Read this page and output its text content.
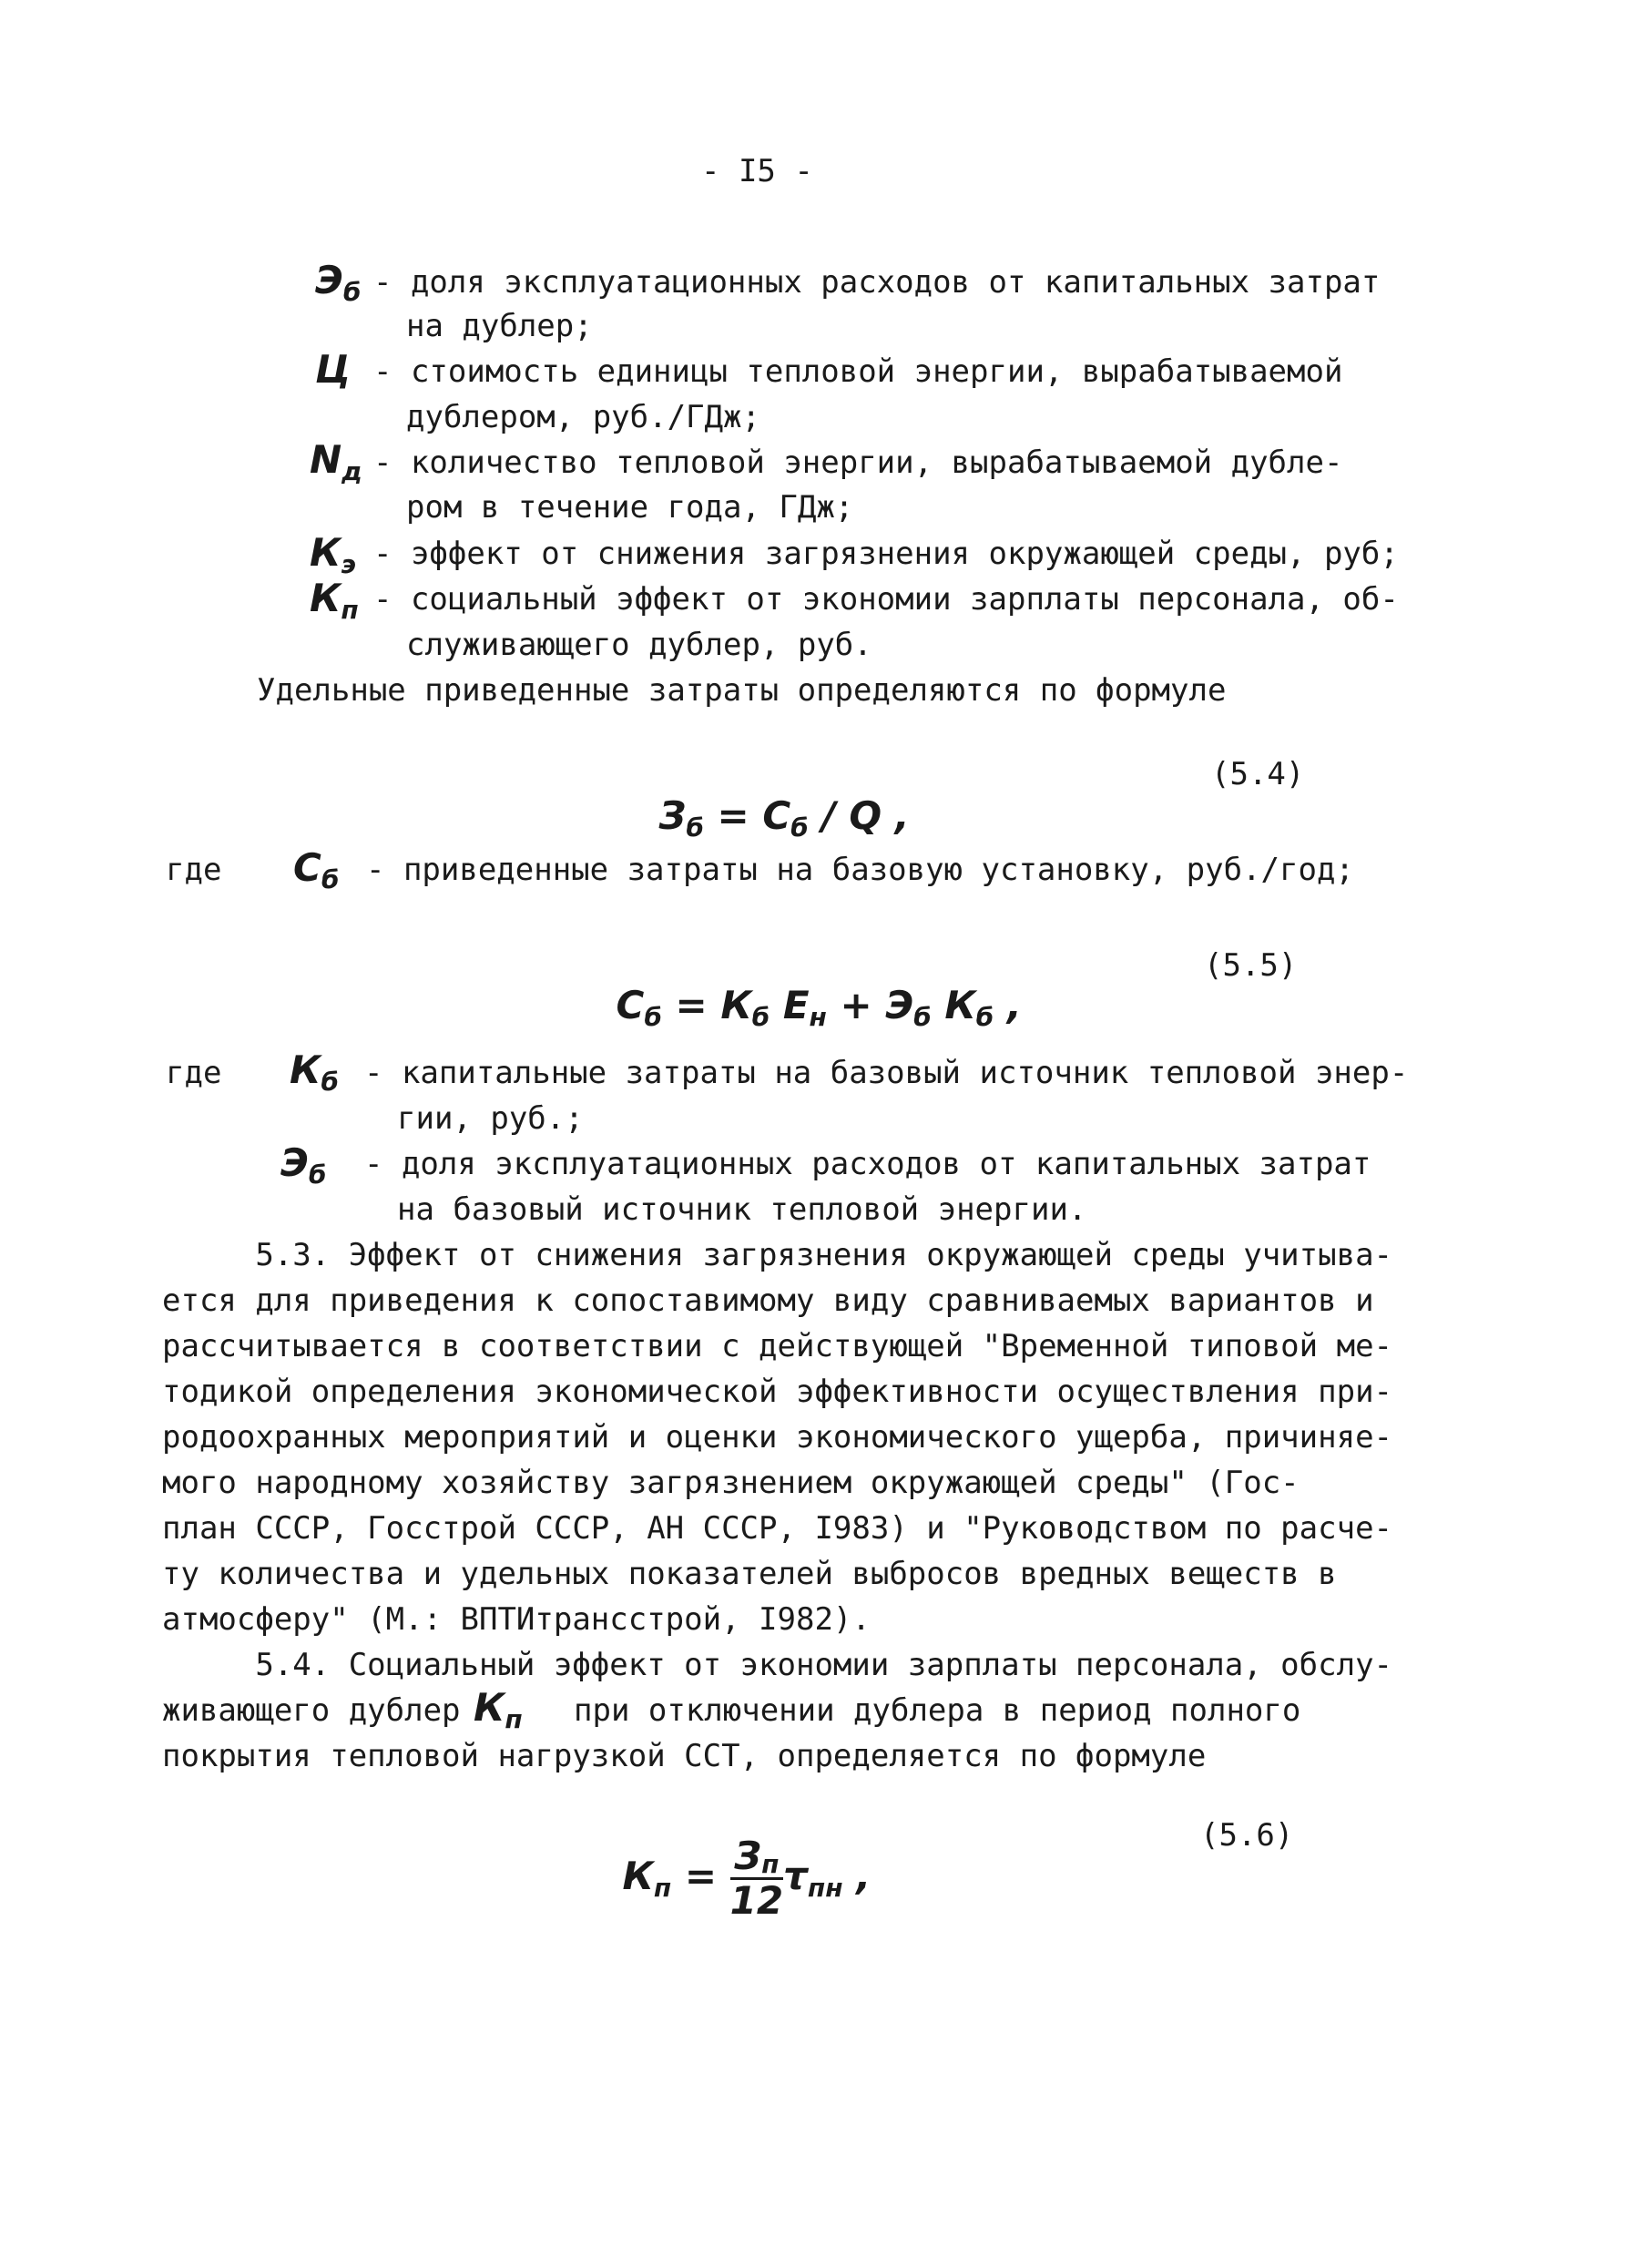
- I5 -
Эб - доля эксплуатационных расходов от капитальных затрат
на дублер;
Ц - стоимость единицы тепловой энергии, вырабатываемой
дублером, руб./ГДж;
Nд - количество тепловой энергии, вырабатываемой дубле-
ром в течение года, ГДж;
Кэ - эффект от снижения загрязнения окружающей среды, руб;
Кп - социальный эффект от экономии зарплаты персонала, об-
служивающего дублер, руб.
Удельные приведенные затраты определяются по формуле

Зб = Сб / Q ,

(5.4)
где Сб - приведенные затраты на базовую установку, руб./год;

Сб = Кб Ен + Эб Кб ,

(5.5)
где Кб - капитальные затраты на базовый источник тепловой энер-
гии, руб.;
Эб - доля эксплуатационных расходов от капитальных затрат
на базовый источник тепловой энергии.
5.3. Эффект от снижения загрязнения окружающей среды учитыва-
ется для приведения к сопоставимому виду сравниваемых вариантов и
рассчитывается в соответствии с действующей "Временной типовой ме-
тодикой определения экономической эффективности осуществления при-
родоохранных мероприятий и оценки экономического ущерба, причиняе-
мого народному хозяйству загрязнением окружающей среды" (Гос-
план СССР, Госстрой СССР, АН СССР, I983) и "Руководством по расче-
ту количества и удельных показателей выбросов вредных веществ в
атмосферу" (М.: ВПТИтрансстрой, I982).
5.4. Социальный эффект от экономии зарплаты персонала, обслу-
живающего дублер Кп при отключении дублера в период полного
покрытия тепловой нагрузкой ССТ, определяется по формуле

Кп = $\frac{Зп}{12}$ τпн ,

(5.6)
